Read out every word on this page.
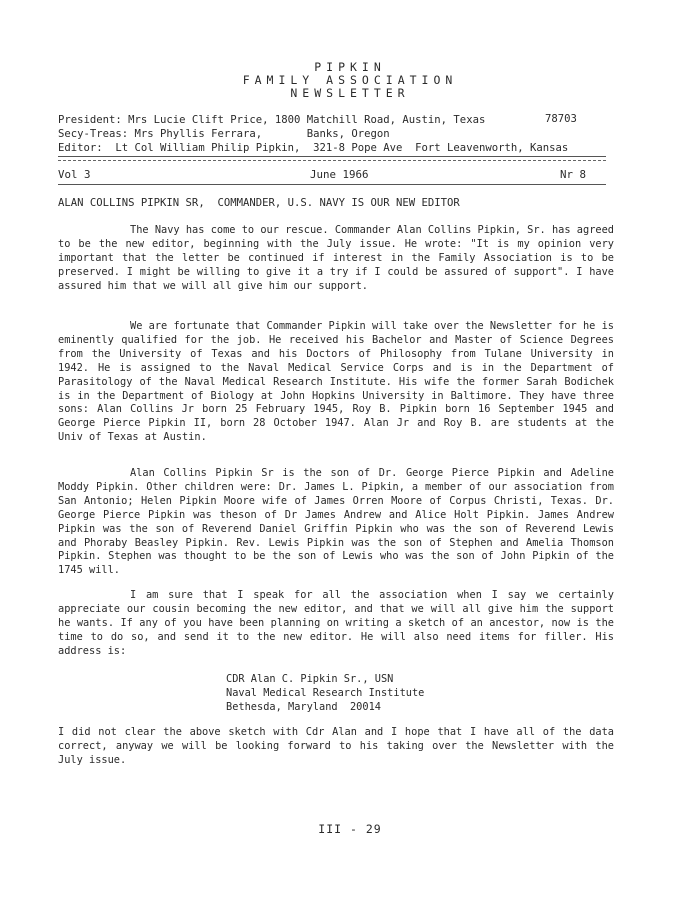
PIPKIN
FAMILY ASSOCIATION
NEWSLETTER
President: Mrs Lucie Clift Price, 1800 Matchill Road, Austin, Texas	78703
Secy-Treas: Mrs Phyllis Ferrara,       Banks, Oregon
Editor:  Lt Col William Philip Pipkin,  321-8 Pope Ave  Fort Leavenworth, Kansas
Vol 3	June 1966	Nr 8
ALAN COLLINS PIPKIN SR,  COMMANDER, U.S. NAVY IS OUR NEW EDITOR

The Navy has come to our rescue. Commander Alan Collins Pipkin, Sr. has agreed to be the new editor, beginning with the July issue. He wrote: "It is my opinion very important that the letter be continued if interest in the Family Association is to be preserved. I might be willing to give it a try if I could be assured of support". I have assured him that we will all give him our support.

We are fortunate that Commander Pipkin will take over the Newsletter for he is eminently qualified for the job. He received his Bachelor and Master of Science Degrees from the University of Texas and his Doctors of Philosophy from Tulane University in 1942. He is assigned to the Naval Medical Service Corps and is in the Department of Parasitology of the Naval Medical Research Institute. His wife the former Sarah Bodichek is in the Department of Biology at John Hopkins University in Baltimore. They have three sons: Alan Collins Jr born 25 February 1945, Roy B. Pipkin born 16 September 1945 and George Pierce Pipkin II, born 28 October 1947. Alan Jr and Roy B. are students at the Univ of Texas at Austin.

Alan Collins Pipkin Sr is the son of Dr. George Pierce Pipkin and Adeline Moddy Pipkin. Other children were: Dr. James L. Pipkin, a member of our association from San Antonio; Helen Pipkin Moore wife of James Orren Moore of Corpus Christi, Texas. Dr. George Pierce Pipkin was theson of Dr James Andrew and Alice Holt Pipkin. James Andrew Pipkin was the son of Reverend Daniel Griffin Pipkin who was the son of Reverend Lewis and Phoraby Beasley Pipkin. Rev. Lewis Pipkin was the son of Stephen and Amelia Thomson Pipkin. Stephen was thought to be the son of Lewis who was the son of John Pipkin of the 1745 will.

I am sure that I speak for all the association when I say we certainly appreciate our cousin becoming the new editor, and that we will all give him the support he wants. If any of you have been planning on writing a sketch of an ancestor, now is the time to do so, and send it to the new editor. He will also need items for filler. His address is:

CDR Alan C. Pipkin Sr., USN
Naval Medical Research Institute
Bethesda, Maryland  20014

I did not clear the above sketch with Cdr Alan and I hope that I have all of the data correct, anyway we will be looking forward to his taking over the Newsletter with the July issue.

III - 29
